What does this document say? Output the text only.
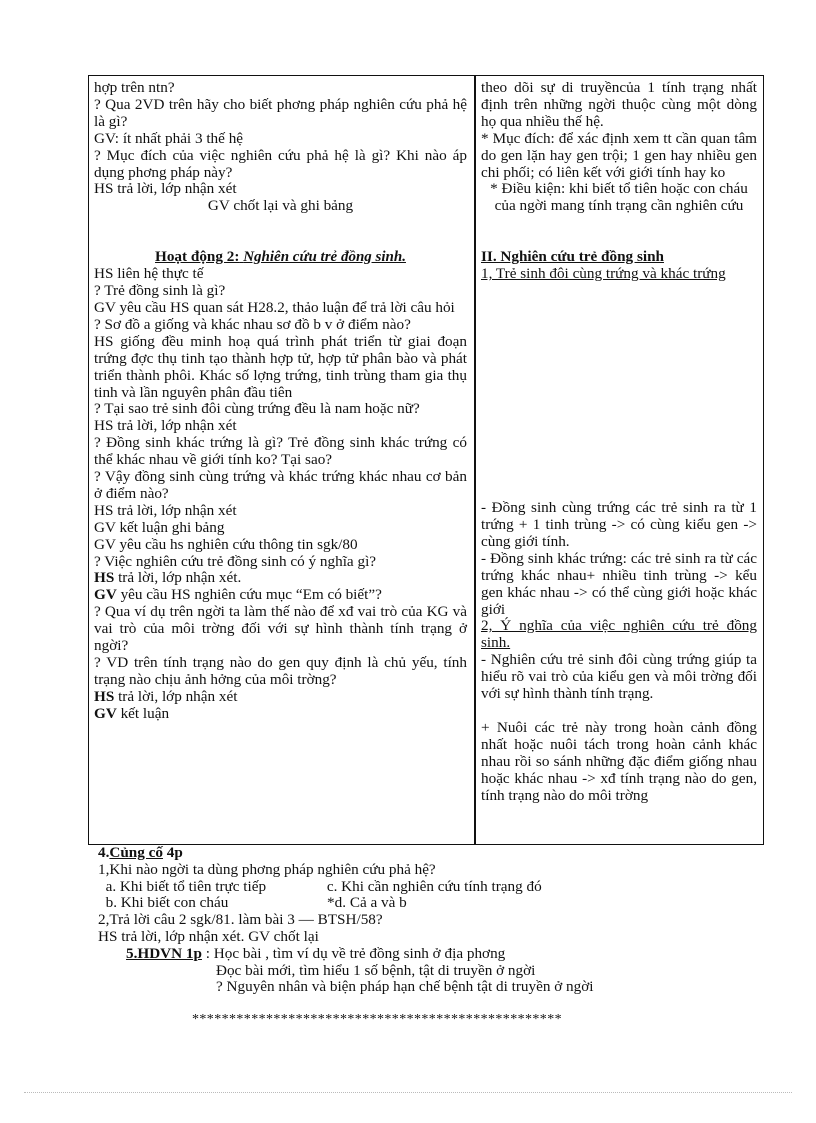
hợp trên ntn?

? Qua 2VD trên hãy cho biết phơng pháp nghiên cứu phả hệ là gì?

GV: ít nhất phải 3 thế hệ

? Mục đích của việc nghiên cứu phả hệ là gì? Khi nào áp dụng phơng pháp này?

HS trả lời, lớp nhận xét

GV chốt lại và ghi bảng

Hoạt động 2: Nghiên cứu trẻ đồng sinh.

HS liên hệ thực tế

? Trẻ đồng sinh là gì?

GV yêu cầu HS quan sát H28.2, thảo luận để trả lời câu hỏi

? Sơ đồ a giống và khác nhau sơ đồ b v ở điểm nào?

HS giống đều minh hoạ quá trình phát triển từ giai đoạn trứng đợc thụ tinh tạo thành hợp tử, hợp tử phân bào và phát triển thành phôi. Khác số lợng trứng, tinh trùng tham gia thụ tinh và lần nguyên phân đầu tiên

? Tại sao trẻ sinh đôi cùng trứng đều là nam hoặc nữ?

HS trả lời, lớp nhận xét

? Đồng sinh khác trứng là gì? Trẻ đồng sinh khác trứng có thể khác nhau về giới tính ko? Tại sao?

? Vậy đồng sinh cùng trứng và khác trứng khác nhau cơ bản ở điểm nào?

HS trả lời, lớp nhận xét

GV kết luận ghi bảng

GV yêu cầu hs nghiên cứu thông tin sgk/80

? Việc nghiên cứu trẻ đồng sinh có ý nghĩa gì?

HS trả lời, lớp nhận xét.

GV yêu cầu HS nghiên cứu mục “Em có biết”?

? Qua ví dụ trên ngời ta làm thế nào để xđ vai trò của KG và vai trò của môi trờng đối với sự hình thành tính trạng ở ngời?

? VD trên tính trạng nào do gen quy định là chủ yếu, tính trạng nào chịu ảnh hởng của môi trờng?

HS trả lời, lớp nhận xét

GV kết luận

theo dõi sự di truyềncủa 1 tính trạng nhất định trên những ngời thuộc cùng một dòng họ qua nhiều thế hệ.

* Mục đích: để xác định xem tt cần quan tâm do gen lặn hay gen trội; 1 gen hay nhiều gen chi phối; có liên kết với giới tính hay ko

* Điều kiện: khi biết tổ tiên hoặc con cháu của ngời mang tính trạng cần nghiên cứu

II. Nghiên cứu trẻ đồng sinh

1, Trẻ sinh đôi cùng trứng và khác trứng

- Đồng sinh cùng trứng các trẻ sinh ra từ 1 trứng + 1 tinh trùng -> có cùng kiểu gen -> cùng giới tính.

- Đồng sinh khác trứng: các trẻ sinh ra từ các trứng khác nhau+ nhiều tinh trùng -> kểu gen khác nhau -> có thể cùng giới hoặc khác giới

2, Ý nghĩa của việc nghiên cứu trẻ đồng sinh.

- Nghiên cứu trẻ sinh đôi cùng trứng giúp ta hiểu rõ vai trò của kiểu gen và môi trờng đối với sự hình thành tính trạng.

+ Nuôi các trẻ này trong hoàn cảnh đồng nhất hoặc nuôi tách trong hoàn cảnh khác nhau rồi so sánh những đặc điểm giống nhau hoặc khác nhau -> xđ tính trạng nào do gen, tính trạng nào do môi trờng

4.Củng cố 4p

1,Khi nào ngời ta dùng phơng pháp nghiên cứu phả hệ?

a. Khi biết tổ tiên trực tiếp                c. Khi cần nghiên cứu tính trạng đó

b. Khi biết con cháu                          *d. Cả a và b

2,Trả lời câu 2 sgk/81. làm bài 3 — BTSH/58?

HS trả lời, lớp nhận xét. GV chốt lại

5.HDVN 1p : Học bài , tìm ví dụ về trẻ đồng sinh ở địa phơng

Đọc bài mới, tìm hiểu 1 số bệnh, tật di truyền ở ngời

? Nguyên nhân và biện pháp hạn chế bệnh tật di truyền ở ngời

**************************************************
